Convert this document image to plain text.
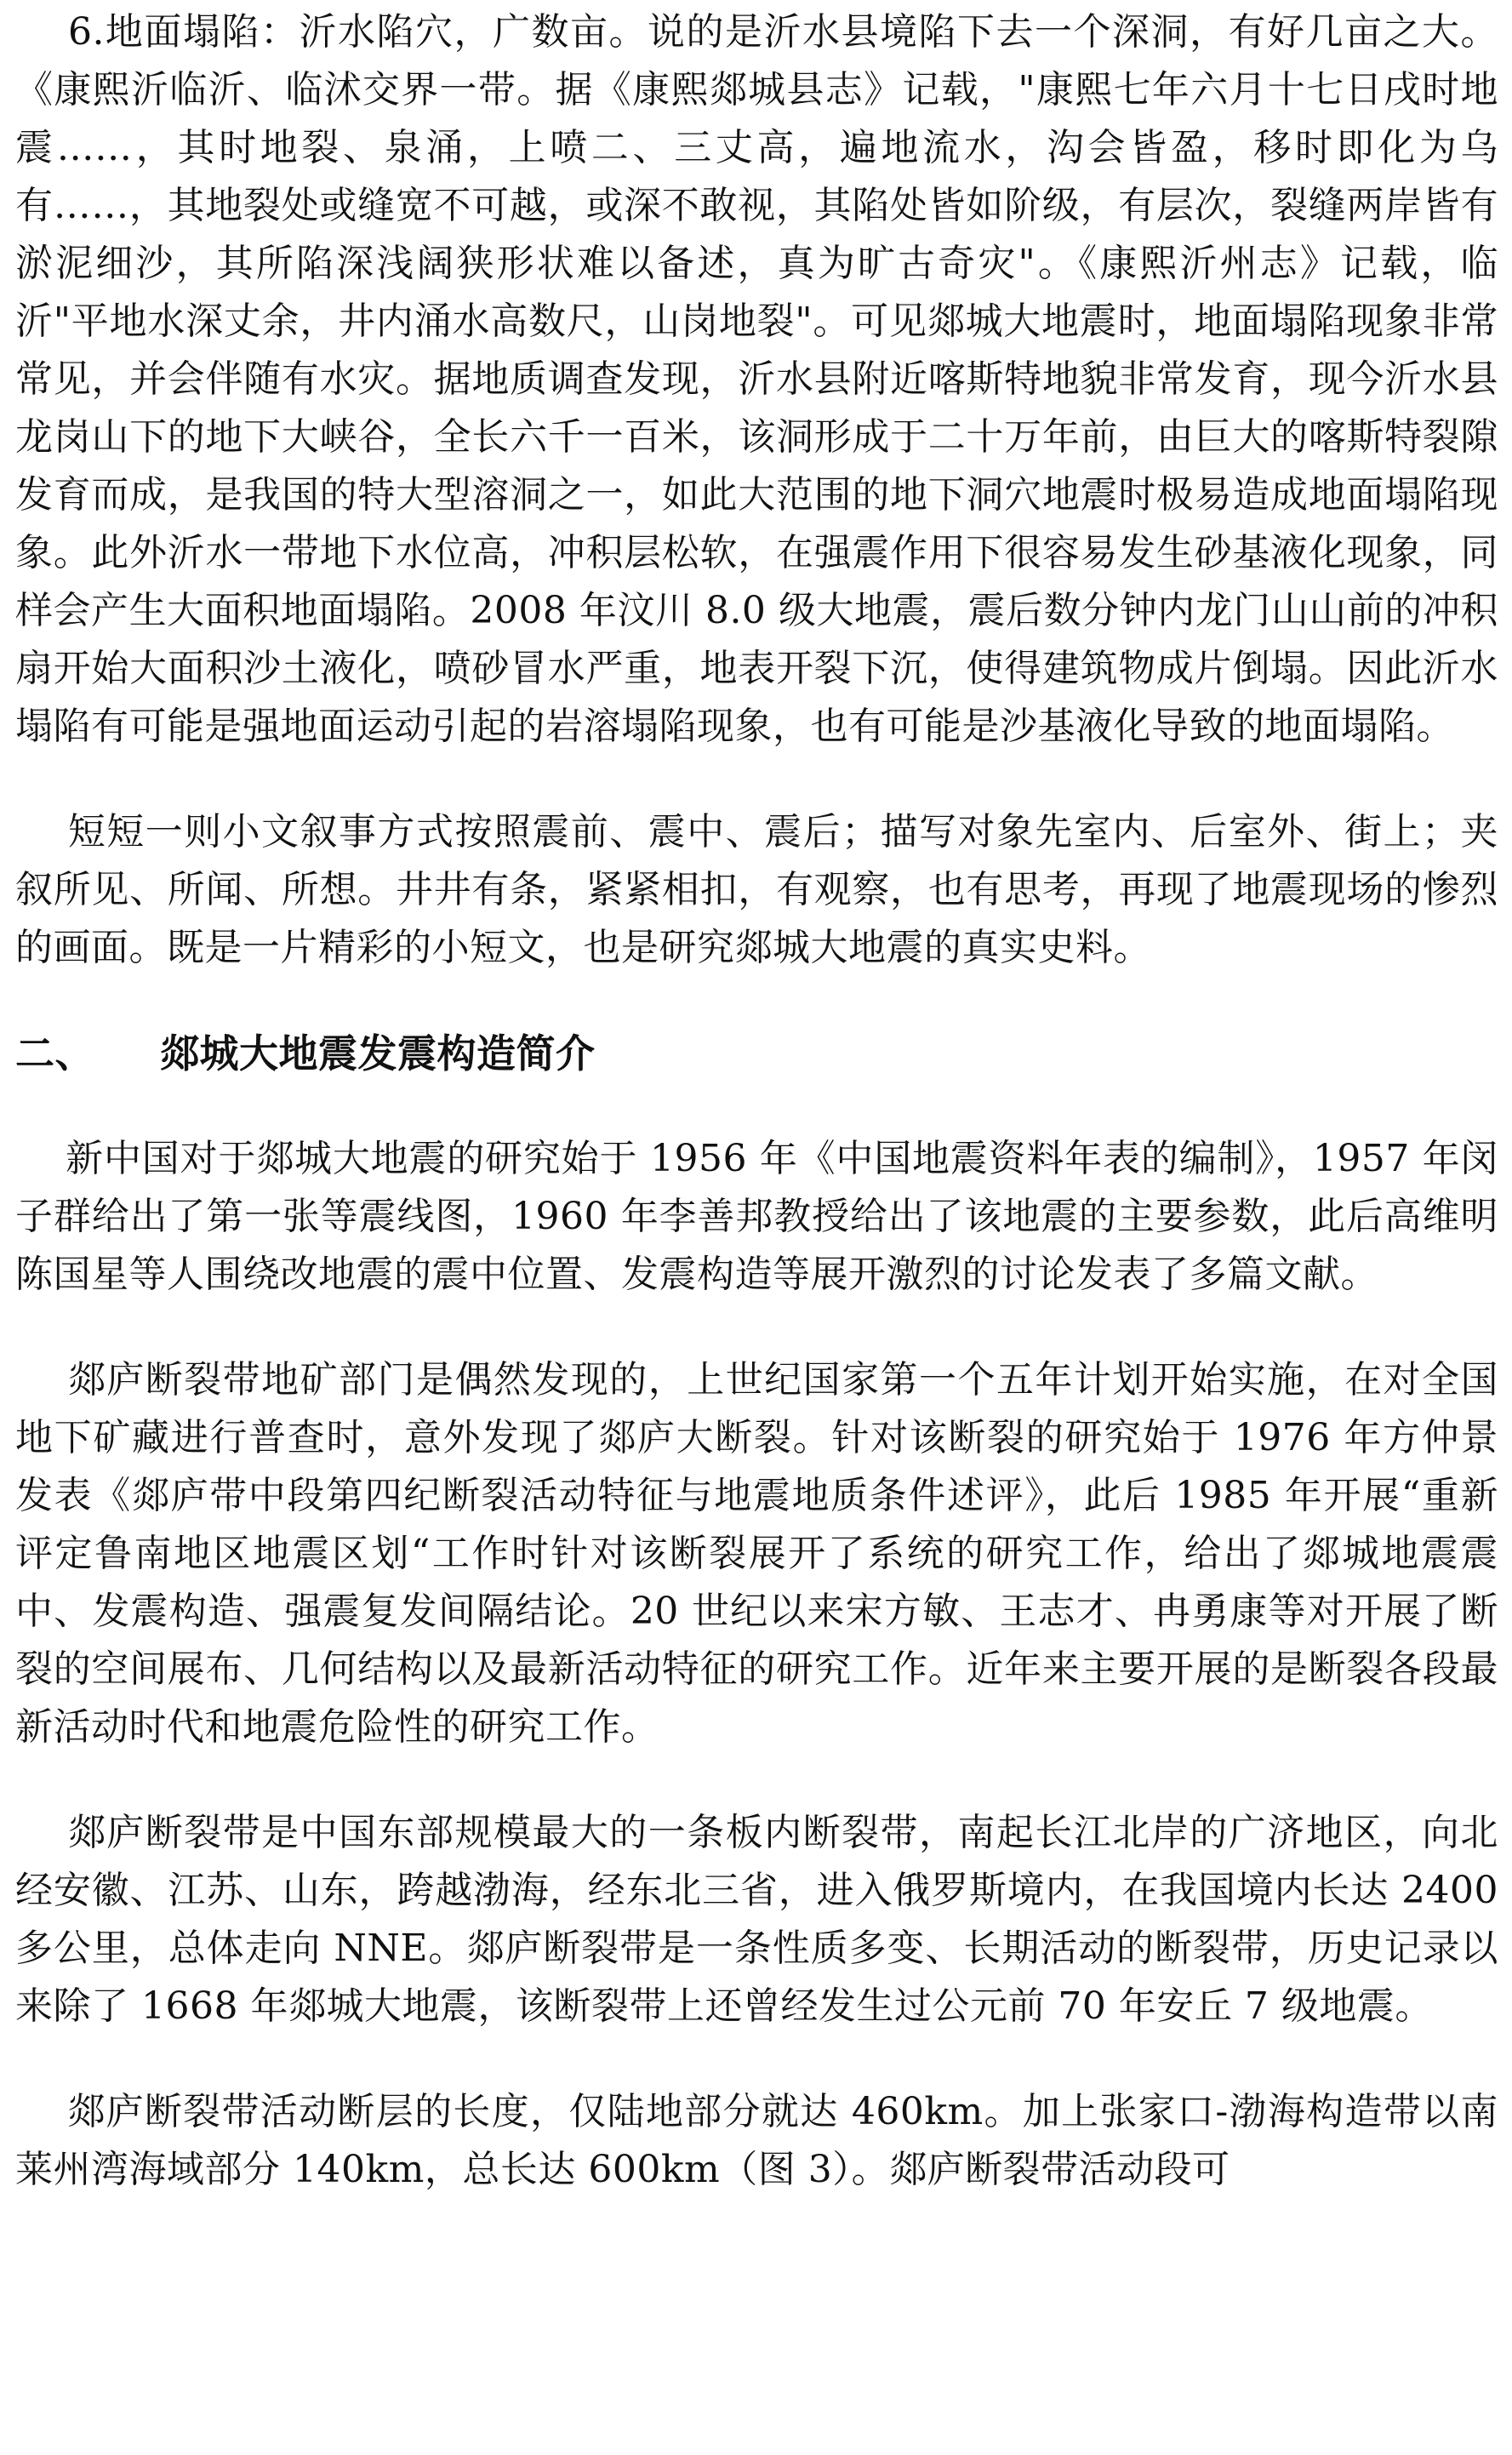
6.地面塌陷：沂水陷穴，广数亩。说的是沂水县境陷下去一个深洞，有好几亩之大。《康熙沂临沂、临沭交界一带。据《康熙郯城县志》记载，"康熙七年六月十七日戌时地震……，其时地裂、泉涌，上喷二、三丈高，遍地流水，沟会皆盈，移时即化为乌有……，其地裂处或缝宽不可越，或深不敢视，其陷处皆如阶级，有层次，裂缝两岸皆有淤泥细沙，其所陷深浅阔狭形状难以备述，真为旷古奇灾"。《康熙沂州志》记载，临沂"平地水深丈余，井内涌水高数尺，山岗地裂"。可见郯城大地震时，地面塌陷现象非常常见，并会伴随有水灾。据地质调查发现，沂水县附近喀斯特地貌非常发育，现今沂水县龙岗山下的地下大峡谷，全长六千一百米，该洞形成于二十万年前，由巨大的喀斯特裂隙发育而成，是我国的特大型溶洞之一，如此大范围的地下洞穴地震时极易造成地面塌陷现象。此外沂水一带地下水位高，冲积层松软，在强震作用下很容易发生砂基液化现象，同样会产生大面积地面塌陷。2008 年汶川 8.0 级大地震，震后数分钟内龙门山山前的冲积扇开始大面积沙土液化，喷砂冒水严重，地表开裂下沉，使得建筑物成片倒塌。因此沂水塌陷有可能是强地面运动引起的岩溶塌陷现象，也有可能是沙基液化导致的地面塌陷。

短短一则小文叙事方式按照震前、震中、震后；描写对象先室内、后室外、街上；夹叙所见、所闻、所想。井井有条，紧紧相扣，有观察，也有思考，再现了地震现场的惨烈的画面。既是一片精彩的小短文，也是研究郯城大地震的真实史料。

二、 郯城大地震发震构造简介

新中国对于郯城大地震的研究始于 1956 年《中国地震资料年表的编制》，1957 年闵子群给出了第一张等震线图，1960 年李善邦教授给出了该地震的主要参数，此后高维明陈国星等人围绕改地震的震中位置、发震构造等展开激烈的讨论发表了多篇文献。

郯庐断裂带地矿部门是偶然发现的，上世纪国家第一个五年计划开始实施，在对全国地下矿藏进行普查时，意外发现了郯庐大断裂。针对该断裂的研究始于 1976 年方仲景发表《郯庐带中段第四纪断裂活动特征与地震地质条件述评》，此后 1985 年开展“重新评定鲁南地区地震区划“工作时针对该断裂展开了系统的研究工作，给出了郯城地震震中、发震构造、强震复发间隔结论。20 世纪以来宋方敏、王志才、冉勇康等对开展了断裂的空间展布、几何结构以及最新活动特征的研究工作。近年来主要开展的是断裂各段最新活动时代和地震危险性的研究工作。

郯庐断裂带是中国东部规模最大的一条板内断裂带，南起长江北岸的广济地区，向北经安徽、江苏、山东，跨越渤海，经东北三省，进入俄罗斯境内，在我国境内长达 2400 多公里，总体走向 NNE。郯庐断裂带是一条性质多变、长期活动的断裂带，历史记录以来除了 1668 年郯城大地震，该断裂带上还曾经发生过公元前 70 年安丘 7 级地震。

郯庐断裂带活动断层的长度，仅陆地部分就达 460km。加上张家口-渤海构造带以南莱州湾海域部分 140km，总长达 600km（图 3）。郯庐断裂带活动段可
